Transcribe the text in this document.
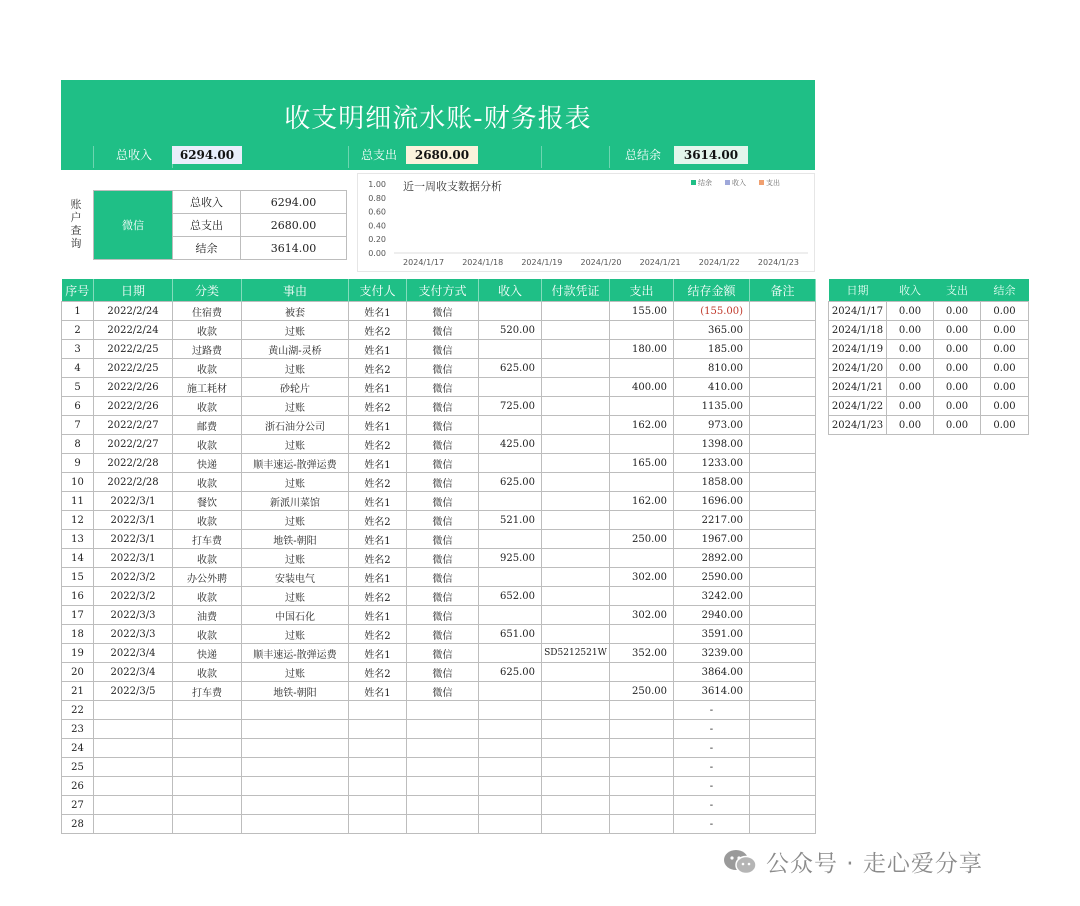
收支明细流水账-财务报表
总收入	6294.00	总支出	2680.00	总结余	3614.00
账
户
查
询
微信	总收入	6294.00
	总支出	2680.00
	结余	3614.00
近一周收支数据分析
1.00
0.80
0.60
0.40
0.20
0.00
2024/1/17 2024/1/18 2024/1/19 2024/1/20 2024/1/21 2024/1/22 2024/1/23
结余	收入	支出
序号	日期	分类	事由	支付人	支付方式	收入	付款凭证	支出	结存金额	备注
1	2022/2/24	住宿费	被套	姓名1	微信			155.00	(155.00)	
2	2022/2/24	收款	过账	姓名2	微信	520.00			365.00	
3	2022/2/25	过路费	黄山湖-灵桥	姓名1	微信			180.00	185.00	
4	2022/2/25	收款	过账	姓名2	微信	625.00			810.00	
5	2022/2/26	施工耗材	砂轮片	姓名1	微信			400.00	410.00	
6	2022/2/26	收款	过账	姓名2	微信	725.00			1135.00	
7	2022/2/27	邮费	浙石油分公司	姓名1	微信			162.00	973.00	
8	2022/2/27	收款	过账	姓名2	微信	425.00			1398.00	
9	2022/2/28	快递	顺丰速运-散弹运费	姓名1	微信			165.00	1233.00	
10	2022/2/28	收款	过账	姓名2	微信	625.00			1858.00	
11	2022/3/1	餐饮	新派川菜馆	姓名1	微信			162.00	1696.00	
12	2022/3/1	收款	过账	姓名2	微信	521.00			2217.00	
13	2022/3/1	打车费	地铁-朝阳	姓名1	微信			250.00	1967.00	
14	2022/3/1	收款	过账	姓名2	微信	925.00			2892.00	
15	2022/3/2	办公外聘	安装电气	姓名1	微信			302.00	2590.00	
16	2022/3/2	收款	过账	姓名2	微信	652.00			3242.00	
17	2022/3/3	油费	中国石化	姓名1	微信			302.00	2940.00	
18	2022/3/3	收款	过账	姓名2	微信	651.00			3591.00	
19	2022/3/4	快递	顺丰速运-散弹运费	姓名1	微信		SD5212521W	352.00	3239.00	
20	2022/3/4	收款	过账	姓名2	微信	625.00			3864.00	
21	2022/3/5	打车费	地铁-朝阳	姓名1	微信			250.00	3614.00	
22									-	
23									-	
24									-	
25									-	
26									-	
27									-	
28									-	
日期	收入	支出	结余
2024/1/17	0.00	0.00	0.00
2024/1/18	0.00	0.00	0.00
2024/1/19	0.00	0.00	0.00
2024/1/20	0.00	0.00	0.00
2024/1/21	0.00	0.00	0.00
2024/1/22	0.00	0.00	0.00
2024/1/23	0.00	0.00	0.00
公众号 · 走心爱分享
